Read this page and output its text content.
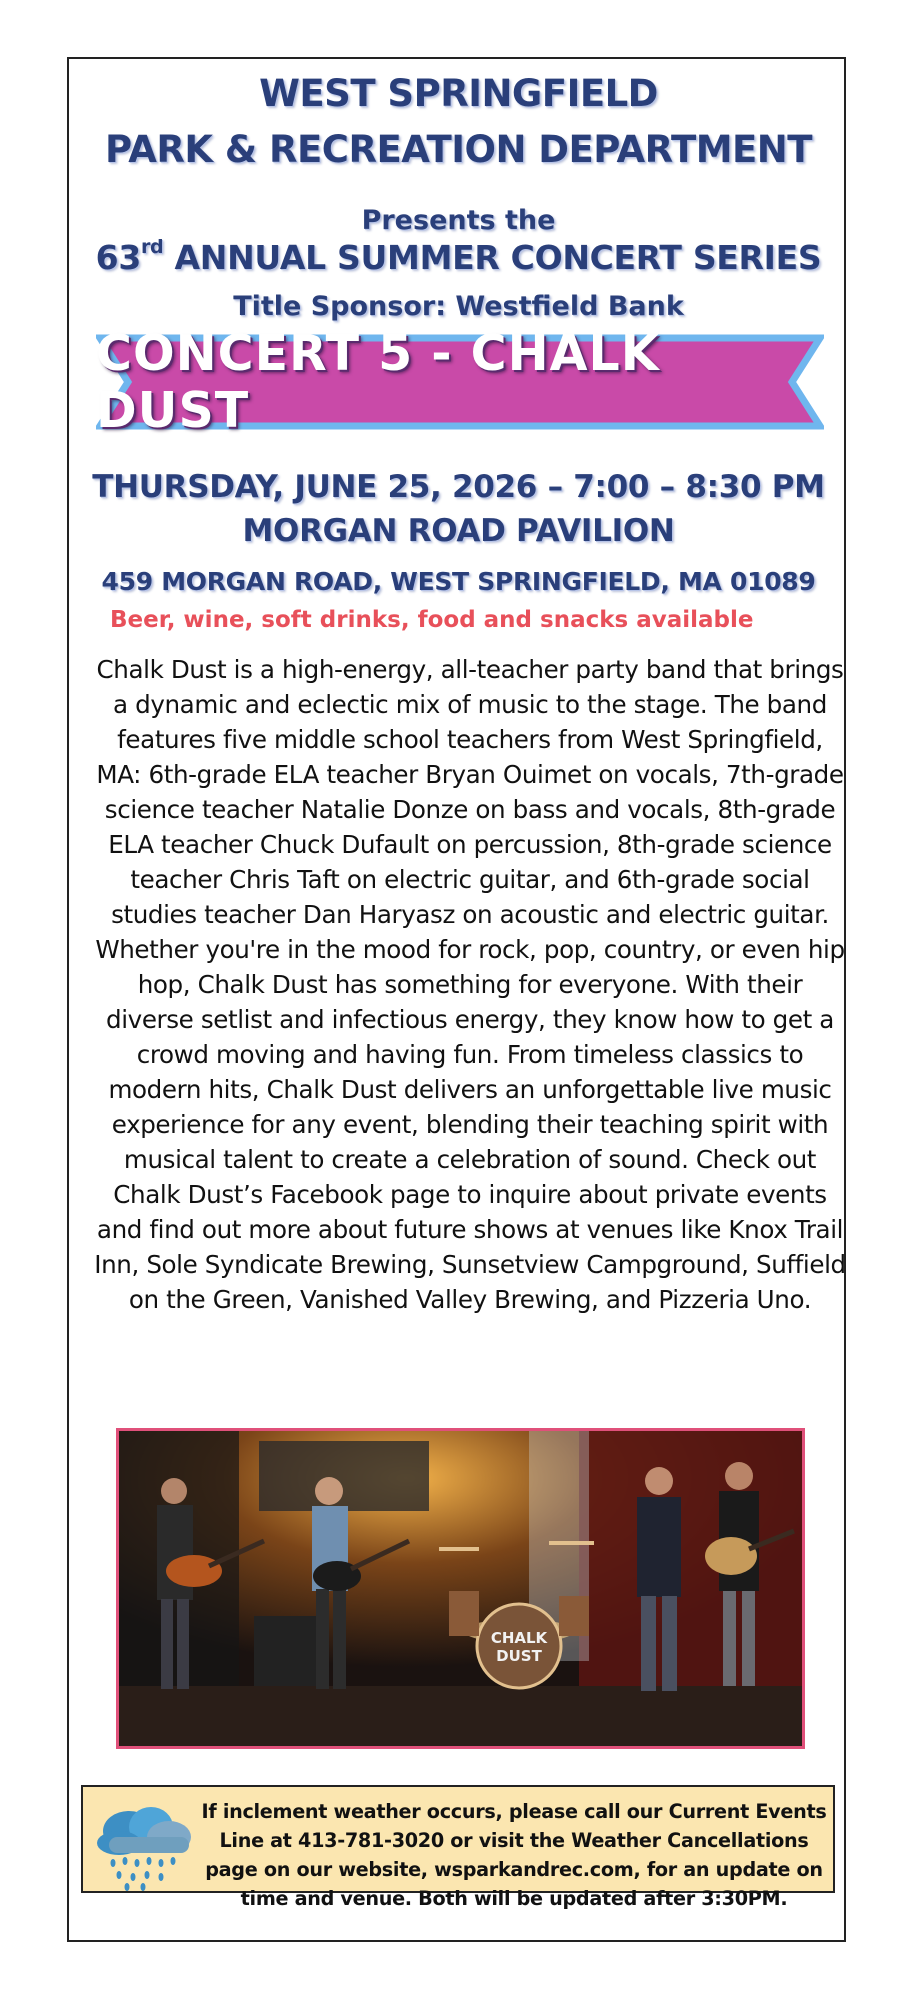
WEST SPRINGFIELD
PARK & RECREATION DEPARTMENT
Presents the
63rd ANNUAL SUMMER CONCERT SERIES
Title Sponsor: Westfield Bank
CONCERT 5 - CHALK DUST
THURSDAY, JUNE 25, 2026 – 7:00 – 8:30 PM
MORGAN ROAD PAVILION
459 MORGAN ROAD, WEST SPRINGFIELD, MA 01089
Beer, wine, soft drinks, food and snacks available

Chalk Dust is a high-energy, all-teacher party band that brings a dynamic and eclectic mix of music to the stage. The band features five middle school teachers from West Springfield, MA: 6th-grade ELA teacher Bryan Ouimet on vocals, 7th-grade science teacher Natalie Donze on bass and vocals, 8th-grade ELA teacher Chuck Dufault on percussion, 8th-grade science teacher Chris Taft on electric guitar, and 6th-grade social studies teacher Dan Haryasz on acoustic and electric guitar.

Whether you're in the mood for rock, pop, country, or even hip hop, Chalk Dust has something for everyone. With their diverse setlist and infectious energy, they know how to get a crowd moving and having fun. From timeless classics to modern hits, Chalk Dust delivers an unforgettable live music experience for any event, blending their teaching spirit with musical talent to create a celebration of sound. Check out Chalk Dust’s Facebook page to inquire about private events and find out more about future shows at venues like Knox Trail Inn, Sole Syndicate Brewing, Sunsetview Campground, Suffield on the Green, Vanished Valley Brewing, and Pizzeria Uno.

CHALK
DUST
If inclement weather occurs, please call our Current Events Line at 413-781-3020 or visit the Weather Cancellations page on our website, wsparkandrec.com, for an update on time and venue. Both will be updated after 3:30PM.
